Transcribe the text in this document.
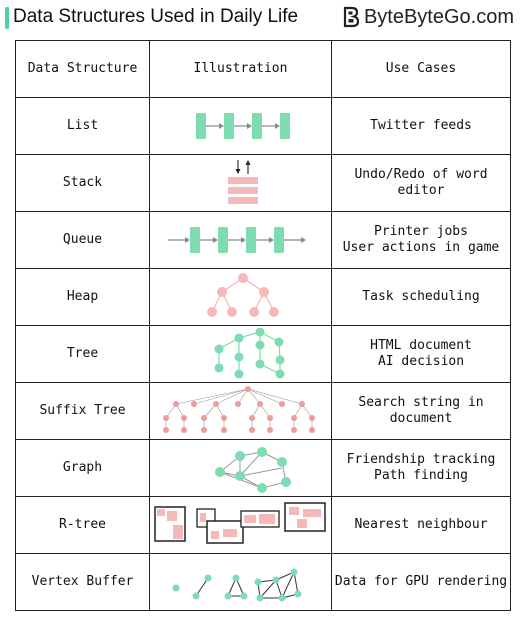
Data Structures Used in Daily Life	ByteByteGo.com
Data Structure	Illustration	Use Cases
List		Twitter feeds
Stack		Undo/Redo of word editor
Queue		Printer jobs
User actions in game
Heap		Task scheduling
Tree		HTML document
AI decision
Suffix Tree		Search string in
document
Graph		Friendship tracking
Path finding
R-tree		Nearest neighbour
Vertex Buffer		Data for GPU rendering
